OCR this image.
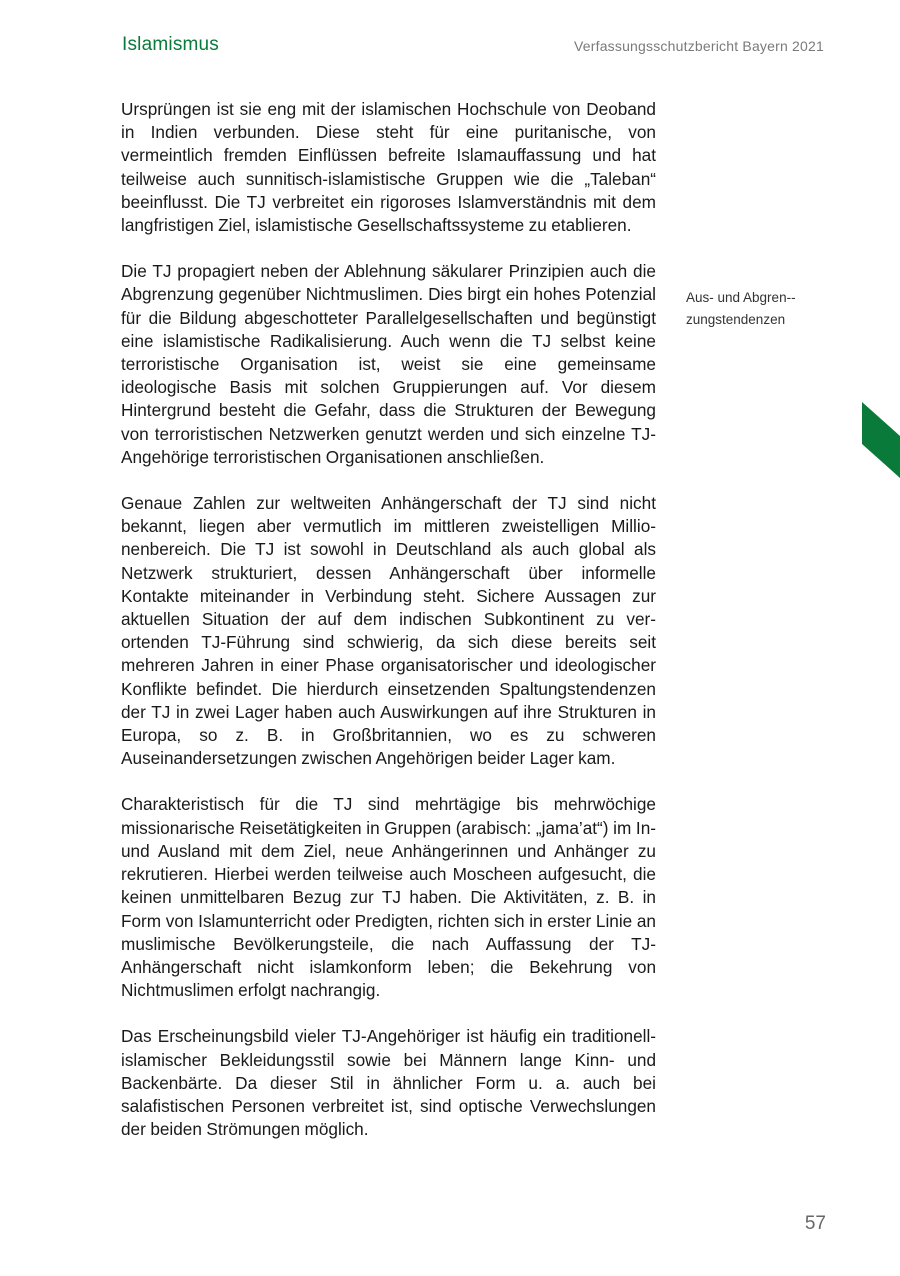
Islamismus	Verfassungsschutzbericht Bayern 2021

Ursprüngen ist sie eng mit der islamischen Hochschule von Deoband in Indien verbunden. Diese steht für eine puritanische, von vermeintlich fremden Einflüssen befreite Islamauffassung und hat teilweise auch sunnitisch-islamistische Gruppen wie die „Taleban“ beeinflusst. Die TJ verbreitet ein rigoroses Islamverständnis mit dem langfristigen Ziel, islamistische Gesellschaftssysteme zu etablieren.

Die TJ propagiert neben der Ablehnung säkularer Prinzipien auch die Abgrenzung gegenüber Nichtmuslimen. Dies birgt ein hohes Potenzial für die Bildung abgeschotteter Parallelgesellschaften und begünstigt eine islamistische Radikalisierung. Auch wenn die TJ selbst keine terroristische Organisation ist, weist sie eine gemeinsame ideologische Basis mit solchen Gruppierungen auf. Vor diesem Hintergrund besteht die Gefahr, dass die Strukturen der Bewegung von terroristischen Netzwerken genutzt werden und sich einzelne TJ-Angehörige terroristischen Organisationen anschließen.

Genaue Zahlen zur weltweiten Anhängerschaft der TJ sind nicht bekannt, liegen aber vermutlich im mittleren zweistelligen Millionenbereich. Die TJ ist sowohl in Deutschland als auch global als Netzwerk strukturiert, dessen Anhängerschaft über informelle Kontakte miteinander in Verbindung steht. Sichere Aussagen zur aktuellen Situation der auf dem indischen Subkontinent zu verortenden TJ-Führung sind schwierig, da sich diese bereits seit mehreren Jahren in einer Phase organisatorischer und ideologischer Konflikte befindet. Die hierdurch einsetzenden Spaltungstendenzen der TJ in zwei Lager haben auch Auswirkungen auf ihre Strukturen in Europa, so z. B. in Großbritannien, wo es zu schweren Auseinandersetzungen zwischen Angehörigen beider Lager kam.

Charakteristisch für die TJ sind mehrtägige bis mehrwöchige missionarische Reisetätigkeiten in Gruppen (arabisch: „jama’at“) im In- und Ausland mit dem Ziel, neue Anhängerinnen und Anhänger zu rekrutieren. Hierbei werden teilweise auch Moscheen aufgesucht, die keinen unmittelbaren Bezug zur TJ haben. Die Aktivitäten, z. B. in Form von Islamunterricht oder Predigten, richten sich in erster Linie an muslimische Bevölkerungsteile, die nach Auffassung der TJ-Anhängerschaft nicht islamkonform leben; die Bekehrung von Nichtmuslimen erfolgt nachrangig.

Das Erscheinungsbild vieler TJ-Angehöriger ist häufig ein traditionell-islamischer Bekleidungsstil sowie bei Männern lange Kinn- und Backenbärte. Da dieser Stil in ähnlicher Form u. a. auch bei salafistischen Personen verbreitet ist, sind optische Verwechslungen der beiden Strömungen möglich.

Aus- und Abgren-zungstendenzen
57
